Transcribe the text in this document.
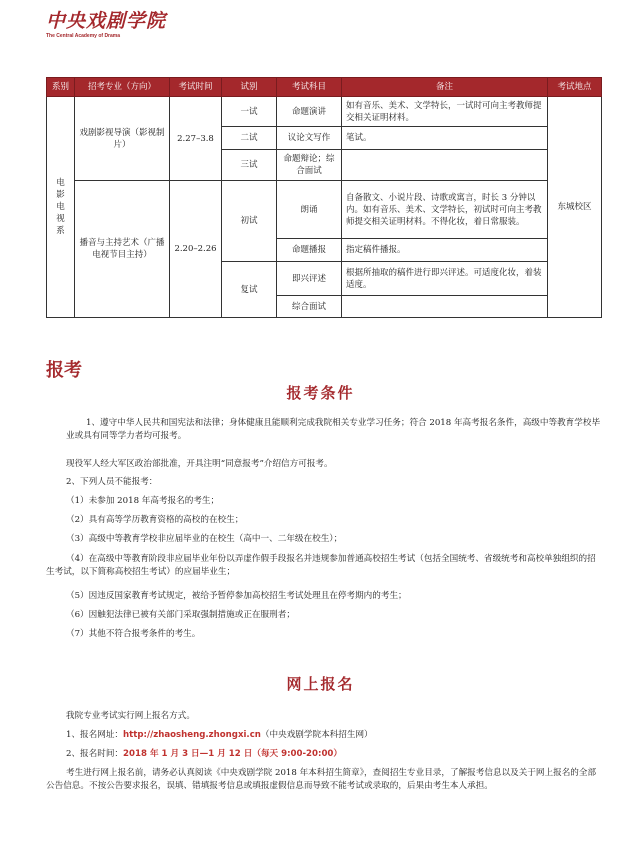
中央戏剧学院
The Central Academy of Drama
系别	招考专业（方向）	考试时间	试别	考试科目	备注	考试地点

电影电视系	戏剧影视导演（影视制片）	2.27–3.8	一试	命题演讲	如有音乐、美术、文学特长，一试时可向主考教师提交相关证明材料。	东城校区
			二试	议论文写作	笔试。	
			三试	命题辩论；综合面试		
	播音与主持艺术（广播电视节目主持）	2.20–2.26	初试	朗诵	自备散文、小说片段、诗歌或寓言，时长 3 分钟以内。如有音乐、美术、文学特长，初试时可向主考教师提交相关证明材料。不得化妆，着日常服装。	
				命题播报	指定稿件播报。	
			复试	即兴评述	根据所抽取的稿件进行即兴评述。可适度化妆，着装适度。	
				综合面试		
报考
报考条件
1、遵守中华人民共和国宪法和法律；身体健康且能顺利完成我院相关专业学习任务；符合 2018 年高考报名条件，高级中等教育学校毕业或具有同等学力者均可报考。
现役军人经大军区政治部批准，开具注明“同意报考”介绍信方可报考。
2、下列人员不能报考：
（1）未参加 2018 年高考报名的考生；
（2）具有高等学历教育资格的高校的在校生；
（3）高级中等教育学校非应届毕业的在校生（高中一、二年级在校生）；
（4）在高级中等教育阶段非应届毕业年份以弄虚作假手段报名并违规参加普通高校招生考试（包括全国统考、省级统考和高校单独组织的招生考试，以下简称高校招生考试）的应届毕业生；
（5）因违反国家教育考试规定，被给予暂停参加高校招生考试处理且在停考期内的考生；
（6）因触犯法律已被有关部门采取强制措施或正在服刑者；
（7）其他不符合报考条件的考生。
网上报名
我院专业考试实行网上报名方式。
1、报名网址：http://zhaosheng.zhongxi.cn（中央戏剧学院本科招生网）
2、报名时间：2018 年 1 月 3 日—1 月 12 日（每天 9:00-20:00）
考生进行网上报名前，请务必认真阅读《中央戏剧学院 2018 年本科招生简章》，查阅招生专业目录，了解报考信息以及关于网上报名的全部公告信息。不按公告要求报名，误填、错填报考信息或填报虚假信息而导致不能考试或录取的，后果由考生本人承担。
